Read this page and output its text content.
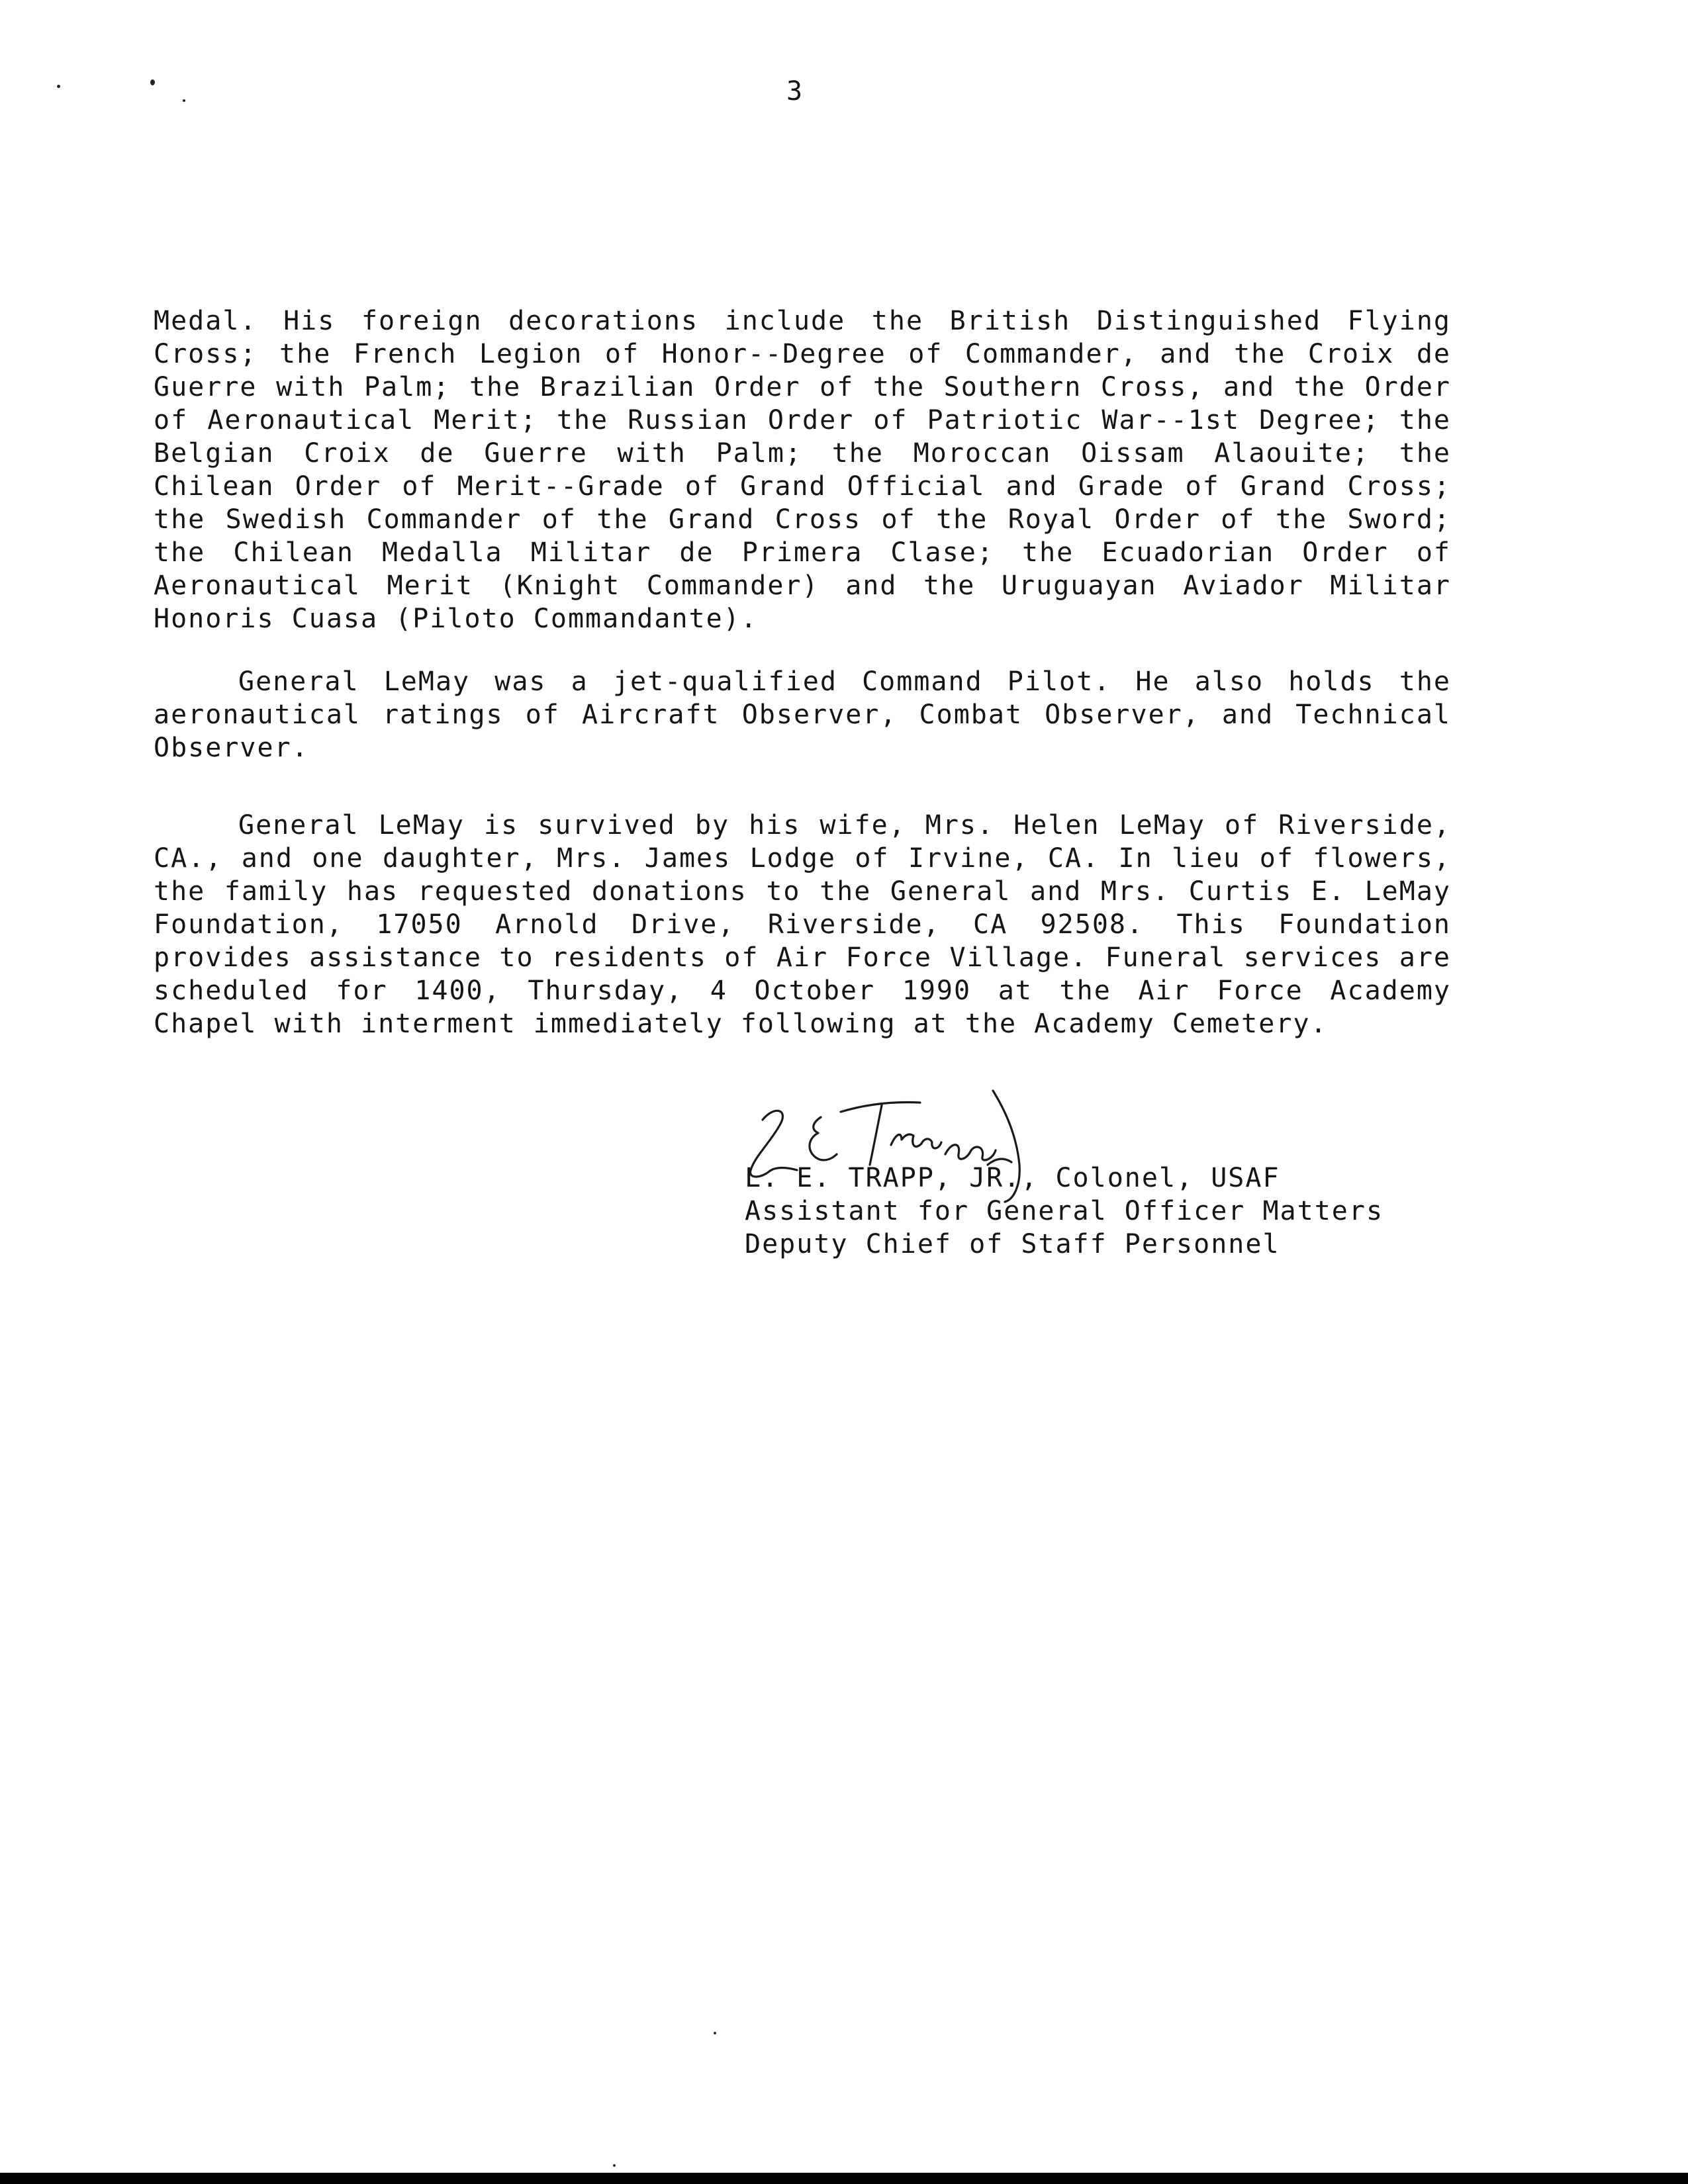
3

Medal. His foreign decorations include the British Distinguished Flying Cross; the French Legion of Honor--Degree of Commander, and the Croix de Guerre with Palm; the Brazilian Order of the Southern Cross, and the Order of Aeronautical Merit; the Russian Order of Patriotic War--1st Degree; the Belgian Croix de Guerre with Palm; the Moroccan Oissam Alaouite; the Chilean Order of Merit--Grade of Grand Official and Grade of Grand Cross; the Swedish Commander of the Grand Cross of the Royal Order of the Sword; the Chilean Medalla Militar de Primera Clase; the Ecuadorian Order of Aeronautical Merit (Knight Commander) and the Uruguayan Aviador Militar Honoris Cuasa (Piloto Commandante).

General LeMay was a jet-qualified Command Pilot. He also holds the aeronautical ratings of Aircraft Observer, Combat Observer, and Technical Observer.

General LeMay is survived by his wife, Mrs. Helen LeMay of Riverside, CA., and one daughter, Mrs. James Lodge of Irvine, CA. In lieu of flowers, the family has requested donations to the General and Mrs. Curtis E. LeMay Foundation, 17050 Arnold Drive, Riverside, CA 92508. This Foundation provides assistance to residents of Air Force Village. Funeral services are scheduled for 1400, Thursday, 4 October 1990 at the Air Force Academy Chapel with interment immediately following at the Academy Cemetery.

L. E. TRAPP, JR., Colonel, USAF
Assistant for General Officer Matters
Deputy Chief of Staff Personnel
